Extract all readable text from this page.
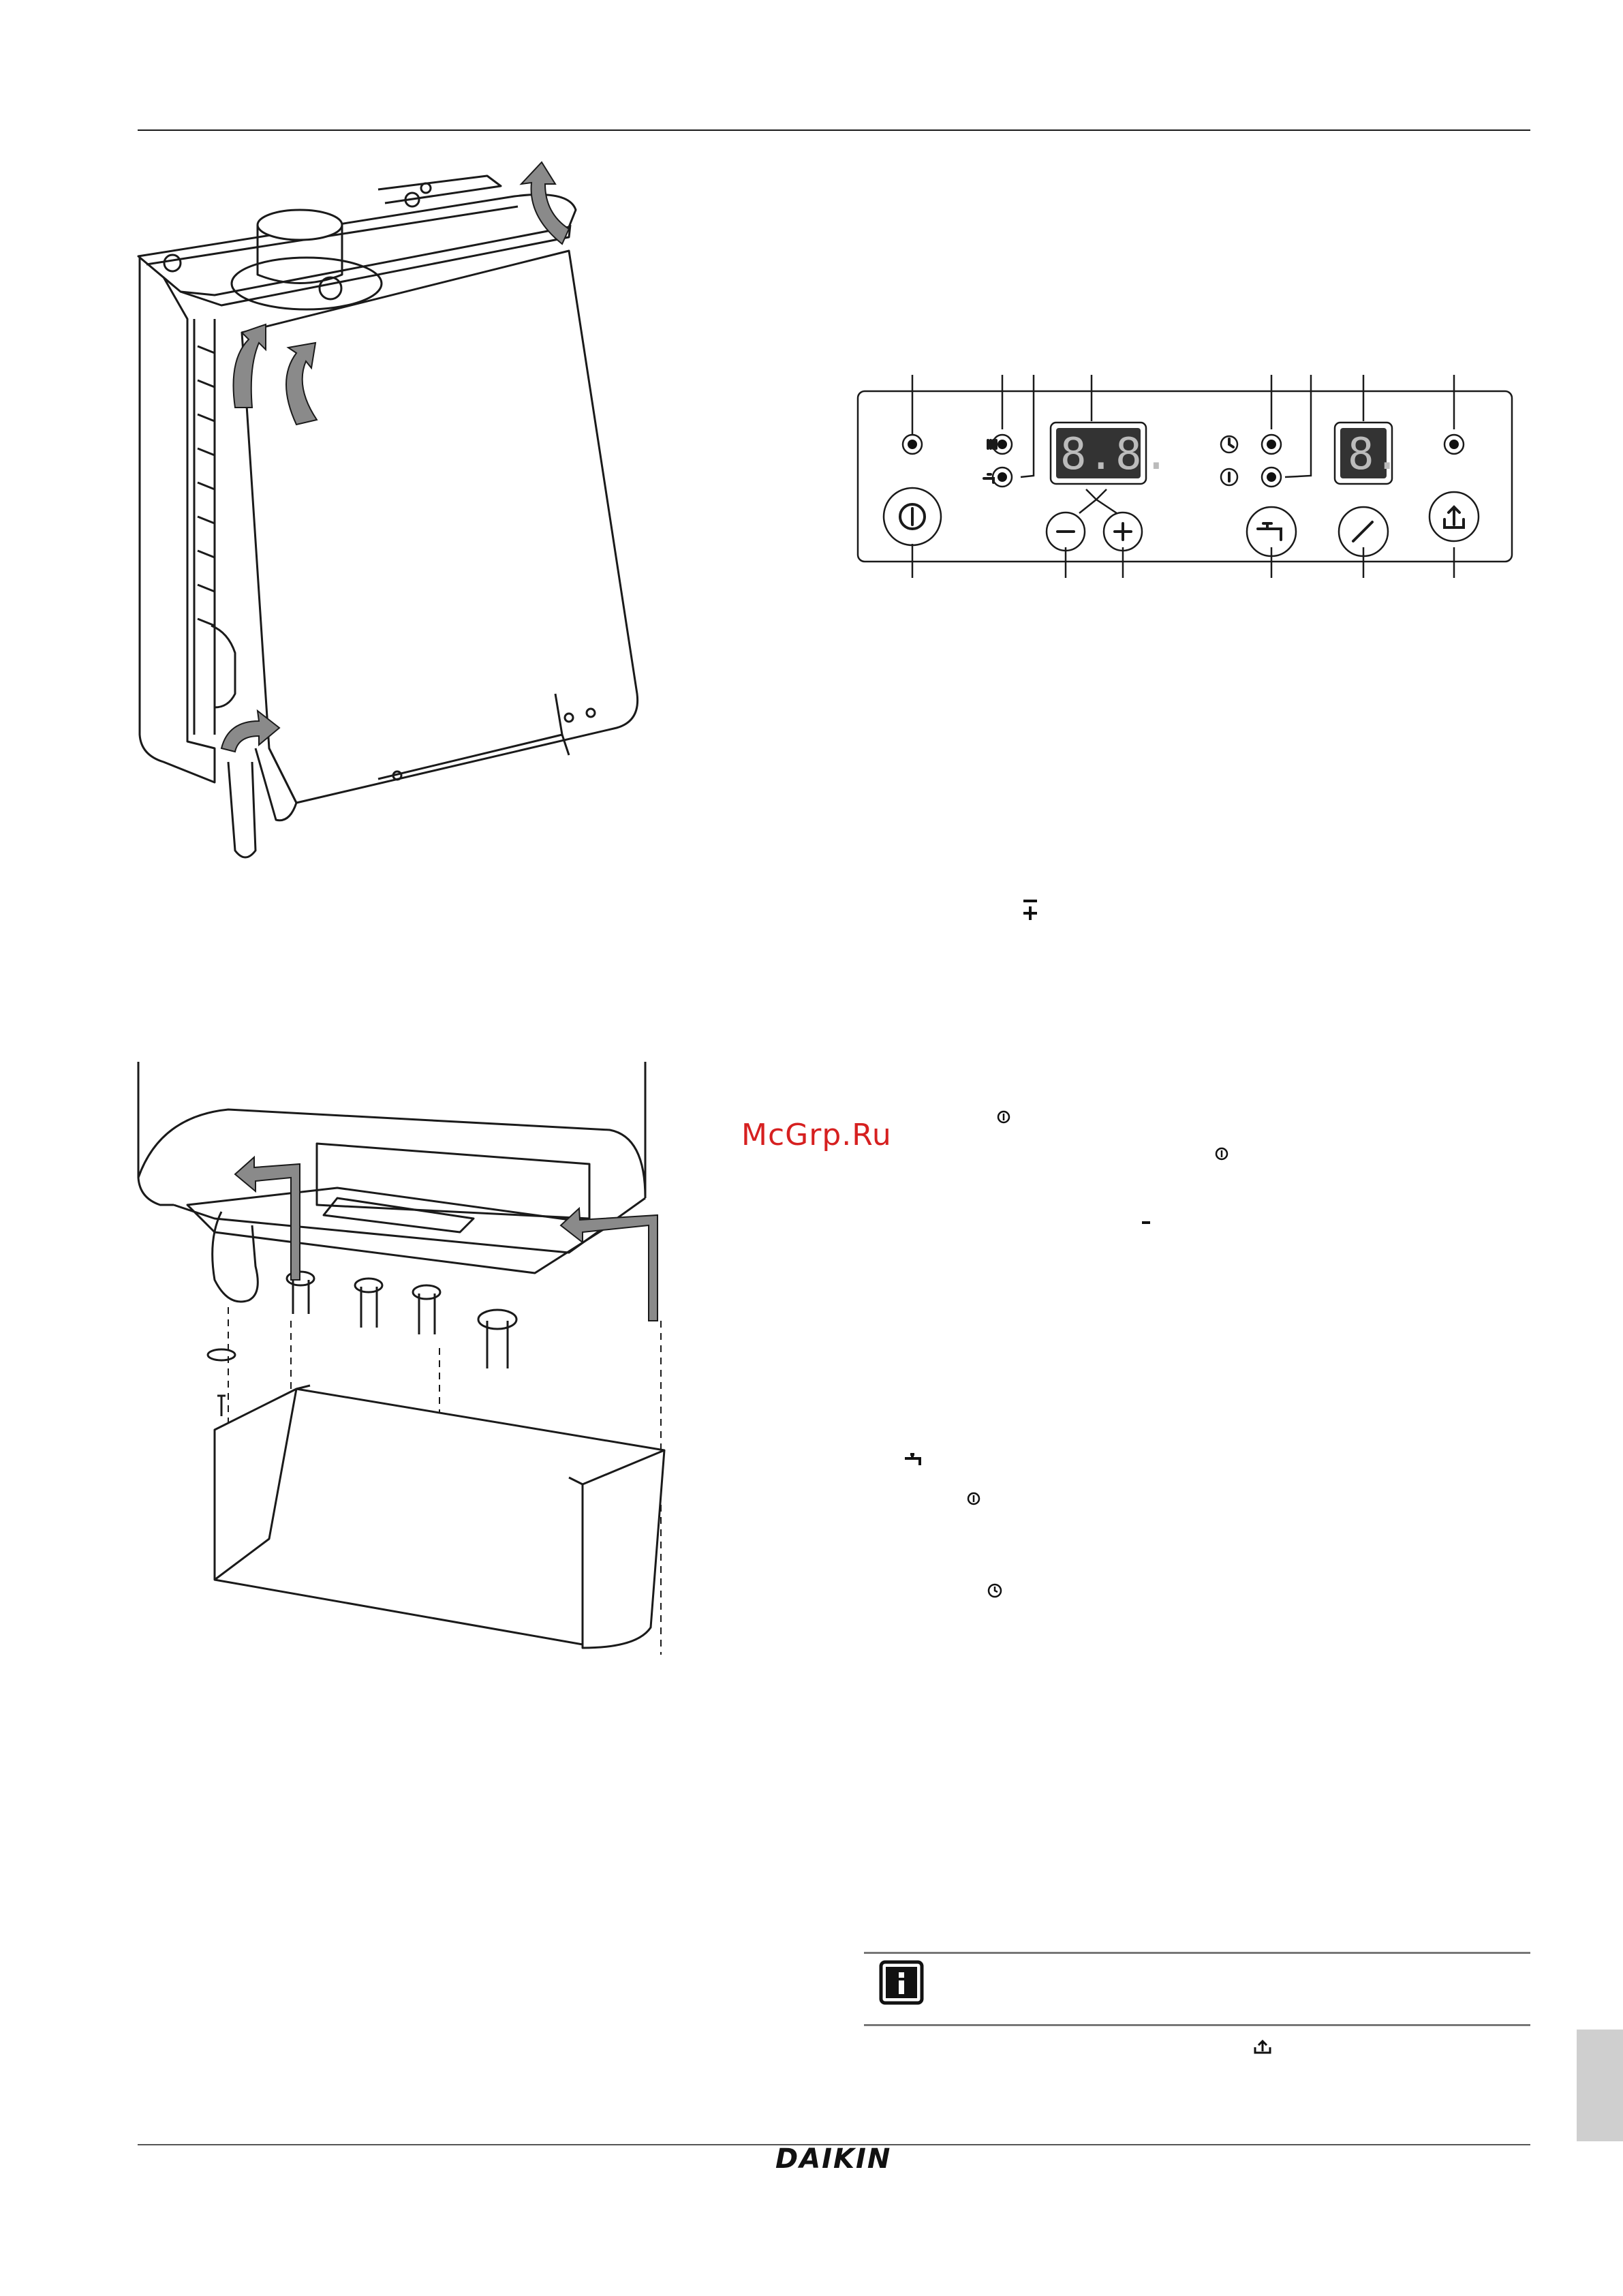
8.8.	8.
McGrp.Ru
DAIKIN
